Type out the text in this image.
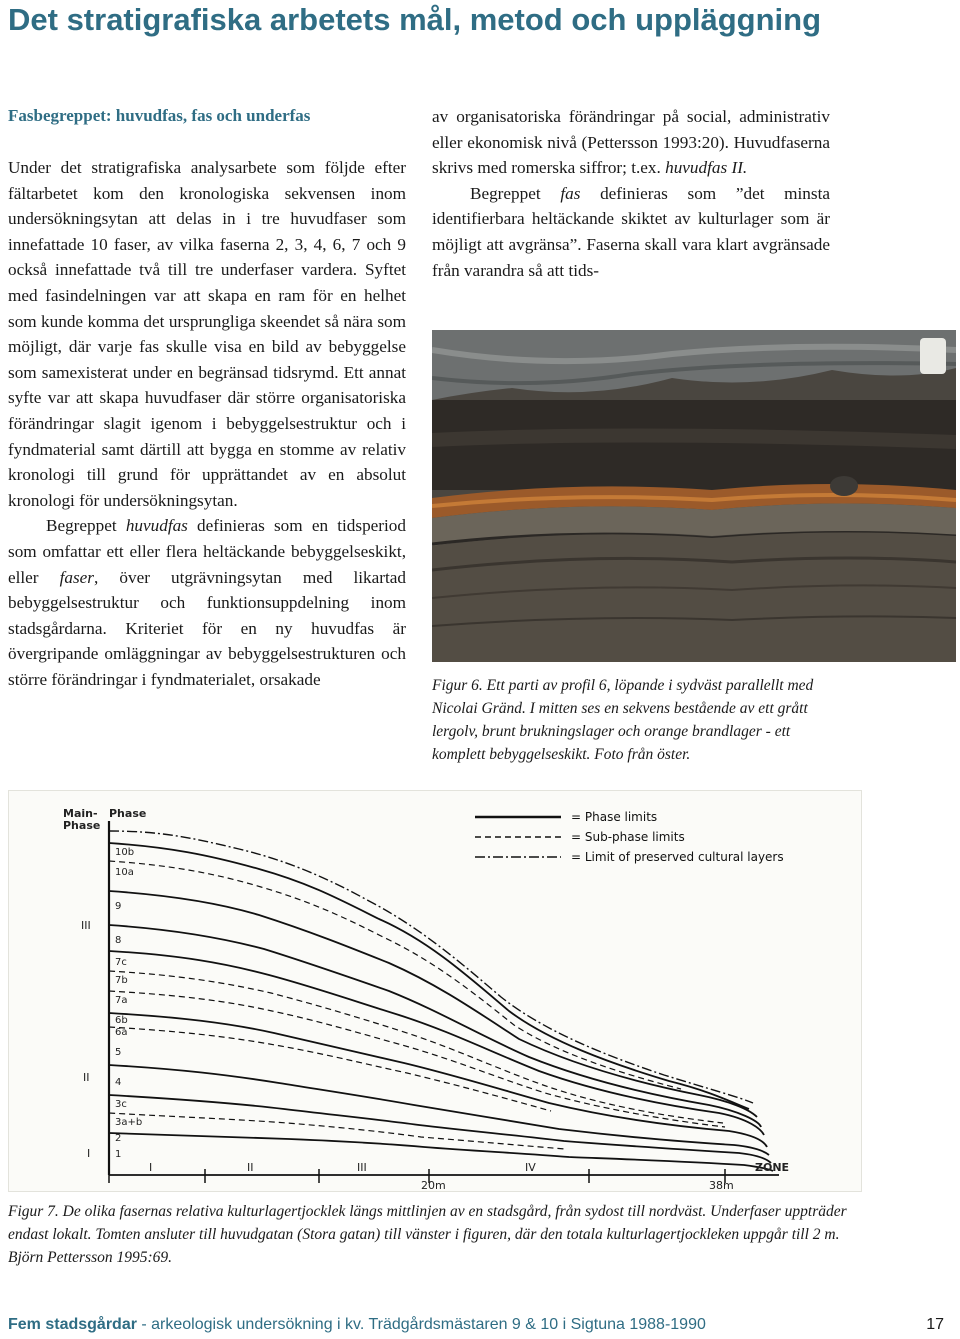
Det stratigrafiska arbetets mål, metod och uppläggning
Fasbegreppet: huvudfas, fas och underfas

Under det stratigrafiska analysarbete som följde efter fältarbetet kom den kronologiska sekvensen inom undersökningsytan att delas in i tre huvudfaser som innefattade 10 faser, av vilka faserna 2, 3, 4, 6, 7 och 9 också innefattade två till tre underfaser vardera. Syftet med fasindelningen var att skapa en ram för en helhet som kunde komma det ursprungliga skeendet så nära som möjligt, där varje fas skulle visa en bild av bebyggelse som samexisterat under en begränsad tidsrymd. Ett annat syfte var att skapa huvudfaser där större organisatoriska förändringar slagit igenom i bebyggelsestruktur och i fyndmaterial samt därtill att bygga en stomme av relativ kronologi till grund för upprättandet av en absolut kronologi för undersökningsytan.

Begreppet huvudfas definieras som en tidsperiod som omfattar ett eller flera heltäckande bebyggelseskikt, eller faser, över utgrävningsytan med likartad bebyggelsestruktur och funktionsuppdelning inom stadsgårdarna. Kriteriet för en ny huvudfas är övergripande omläggningar av bebyggelsestrukturen och större förändringar i fyndmaterialet, orsakade

av organisatoriska förändringar på social, administrativ eller ekonomisk nivå (Pettersson 1993:20). Huvudfaserna skrivs med romerska siffror; t.ex. huvudfas II.

Begreppet fas definieras som ”det minsta identifierbara heltäckande skiktet av kulturlager som är möjligt att avgränsa”. Faserna skall vara klart avgränsade från varandra så att tids-

Figur 6. Ett parti av profil 6, löpande i sydväst parallellt med Nicolai Gränd. I mitten ses en sekvens bestående av ett grått lergolv, brunt brukningslager och orange brandlager - ett komplett bebyggelseskikt. Foto från öster.
Main-
Phase
Phase	= Phase limits
= Sub-phase limits
= Limit of preserved cultural layers
III
II
I
10b
10a
9
8
7c
7b
7a
6b
6a
5
4
3c
3a+b
2
1
I	II	III	IV	ZONE
20m	38m
Figur 7. De olika fasernas relativa kulturlagertjocklek längs mittlinjen av en stadsgård, från sydost till nordväst. Underfaser uppträder endast lokalt. Tomten ansluter till huvudgatan (Stora gatan) till vänster i figuren, där den totala kulturlagertjockleken uppgår till 2 m. Björn Pettersson 1995:69.
Fem stadsgårdar - arkeologisk undersökning i kv. Trädgårdsmästaren 9 & 10 i Sigtuna 1988-1990	17
